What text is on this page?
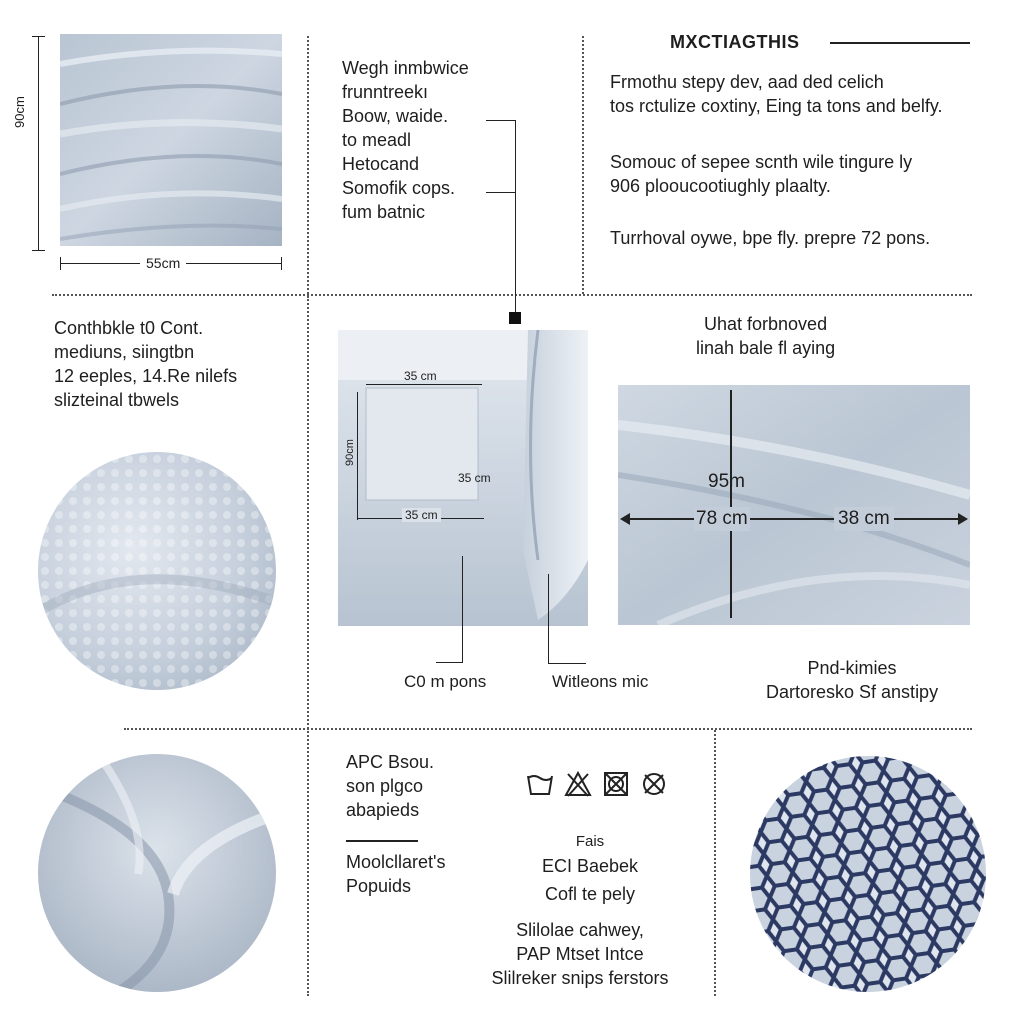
90cm
55cm
Wegh inmbwice
frunntreekı
Boow, waide.
to meadl
Hetocand
Somofik cops.
fum batnic
MXCTIAGTHIS
Frmothu stepy dev, aad ded celich
tos rctulize coxtiny, Eing ta tons and belfy.
Somouc of sepee scnth wile tingure ly
906 plooucootiughly plaalty.
Turrhoval oywe, bpe fly. prepre 72 pons.
Conthbkle t0 Cont.
mediuns, siingtbn
12 eeples, 14.Re nilefs
slizteinal tbwels
35 cm
90cm
35 cm
35 cm
C0 m pons	Witleons mic
Uhat forbnoved
linah bale fl aying
95m
78 cm	38 cm
Pnd-kimies
Dartoresko Sf anstipy
APC Bsou.
son plgco
abapieds
Moolcllaret's
Popuids
Fais
ECI Baebek
Cofl te pely
Slilolae cahwey,
PAP Mtset Intce
Slilreker snips ferstors
